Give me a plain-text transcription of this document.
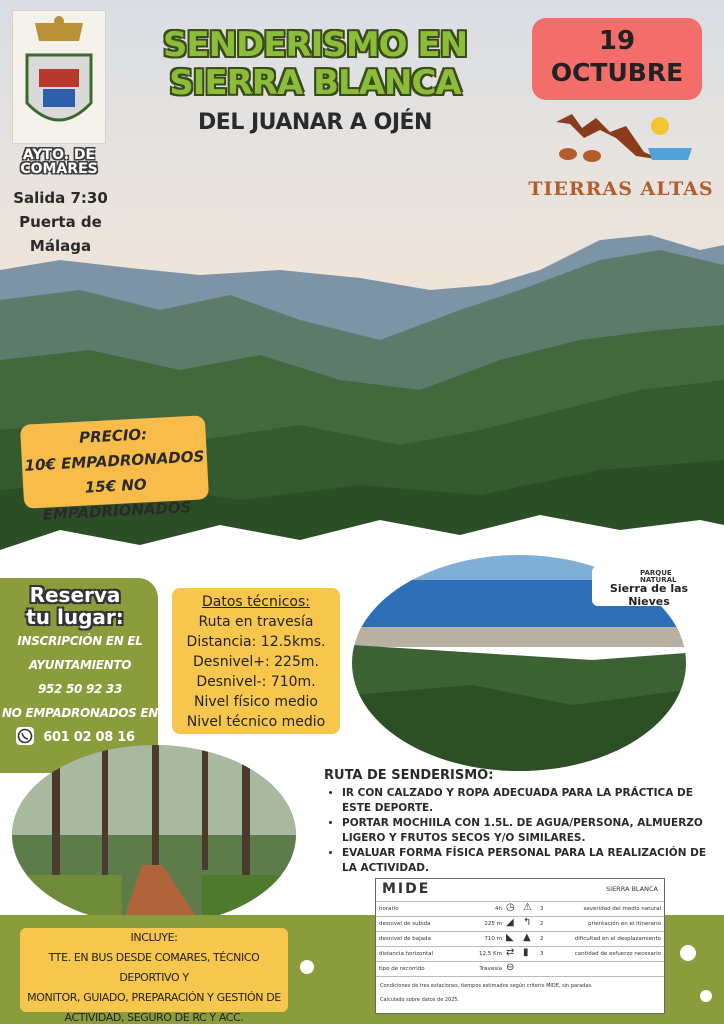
AYTO. DE
COMARES
Salida 7:30
Puerta de
Málaga
SENDERISMO EN
SIERRA BLANCA
DEL JUANAR A OJÉN
19
OCTUBRE
TIERRAS ALTAS
PRECIO:
10€ EMPADRONADOS
15€ NO EMPADRIONADOS
Reserva
tu lugar:
INSCRIPCIÓN EN EL
AYUNTAMIENTO
952 50 92 33
NO EMPADRONADOS EN
601 02 08 16
Datos técnicos:
Ruta en travesía
Distancia: 12.5kms.
Desnivel+: 225m.
Desnivel-: 710m.
Nivel físico medio
Nivel técnico medio
PARQUE
NATURAL
Sierra de las Nieves
RUTA DE SENDERISMO:
• IR CON CALZADO Y ROPA ADECUADA PARA LA PRÁCTICA DE ESTE DEPORTE.
• PORTAR MOCHIILA CON 1.5L. DE AGUA/PERSONA, ALMUERZO LIGERO Y FRUTOS SECOS Y/O SIMILARES.
• EVALUAR FORMA FÍSICA PERSONAL PARA LA REALIZACIÓN DE LA ACTIVIDAD.
INCLUYE:
TTE. EN BUS DESDE COMARES, TÉCNICO DEPORTIVO Y
MONITOR, GUIADO, PREPARACIÓN Y GESTIÓN DE
ACTIVIDAD, SEGURO DE RC Y ACC.
MIDE	SIERRA BLANCA
horario	4h ◷ ⚠ 3	severidad del medio natural
desnivel de subida	225 m ◢ ↰ 2	orientación en el itinerario
desnivel de bajada	710 m ◣ ▲ 2	dificultad en el desplazamiento
distancia horizontal	12,5 Km ⇄ ▮ 3	cantidad de esfuerzo necesario
tipo de recorrido	Travesía ⊖
Condiciones de tres estaciones, tiempos estimados según criterio MIDE, sin paradas.
Calculado sobre datos de 2025.
